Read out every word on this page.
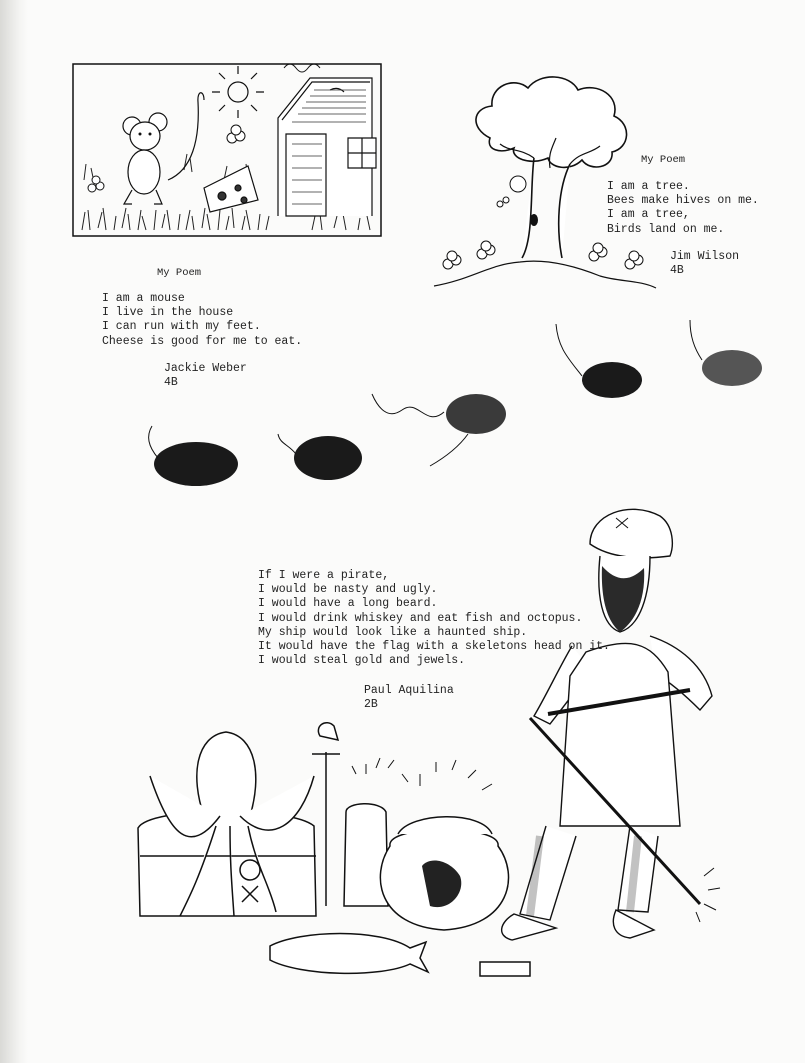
My Poem
I am a mouse
I live in the house
I can run with my feet.
Cheese is good for me to eat.
Jackie Weber
4B
My Poem
I am a tree.
Bees make hives on me.
I am a tree,
Birds land on me.
Jim Wilson
4B
If I were a pirate,
I would be nasty and ugly.
I would have a long beard.
I would drink whiskey and eat fish and octopus.
My ship would look like a haunted ship.
It would have the flag with a skeletons head on it.
I would steal gold and jewels.
Paul Aquilina
2B
